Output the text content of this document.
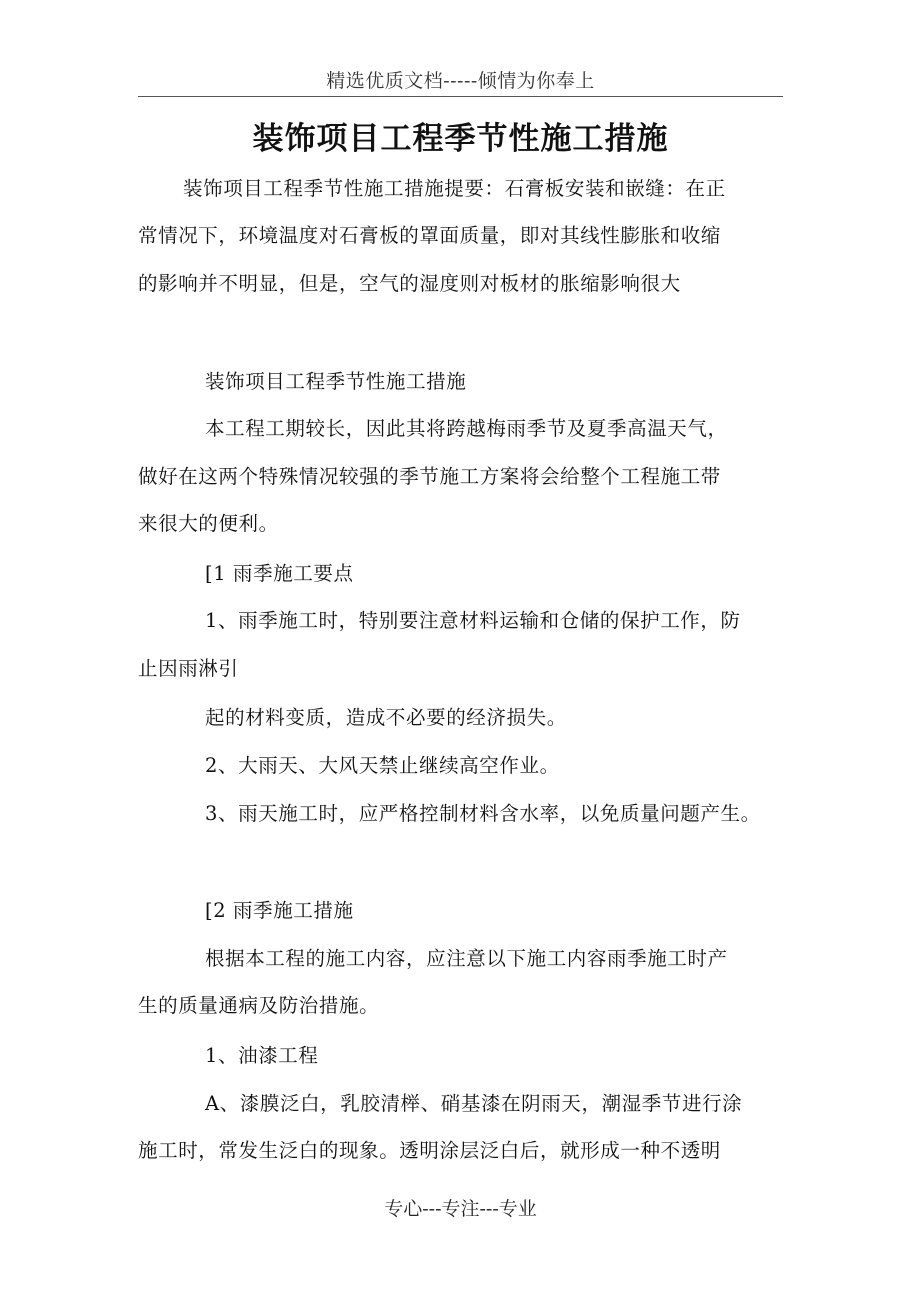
精选优质文档-----倾情为你奉上
装饰项目工程季节性施工措施
装饰项目工程季节性施工措施提要：石膏板安装和嵌缝：在正
常情况下，环境温度对石膏板的罩面质量，即对其线性膨胀和收缩
的影响并不明显，但是，空气的湿度则对板材的胀缩影响很大
装饰项目工程季节性施工措施
本工程工期较长，因此其将跨越梅雨季节及夏季高温天气，
做好在这两个特殊情况较强的季节施工方案将会给整个工程施工带
来很大的便利。
[1 雨季施工要点
1、雨季施工时，特别要注意材料运输和仓储的保护工作，防
止因雨淋引
起的材料变质，造成不必要的经济损失。
2、大雨天、大风天禁止继续高空作业。
3、雨天施工时，应严格控制材料含水率，以免质量问题产生。
[2 雨季施工措施
根据本工程的施工内容，应注意以下施工内容雨季施工时产
生的质量通病及防治措施。
1、油漆工程
A、漆膜泛白，乳胶清榉、硝基漆在阴雨天，潮湿季节进行涂
施工时，常发生泛白的现象。透明涂层泛白后，就形成一种不透明
专心---专注---专业
